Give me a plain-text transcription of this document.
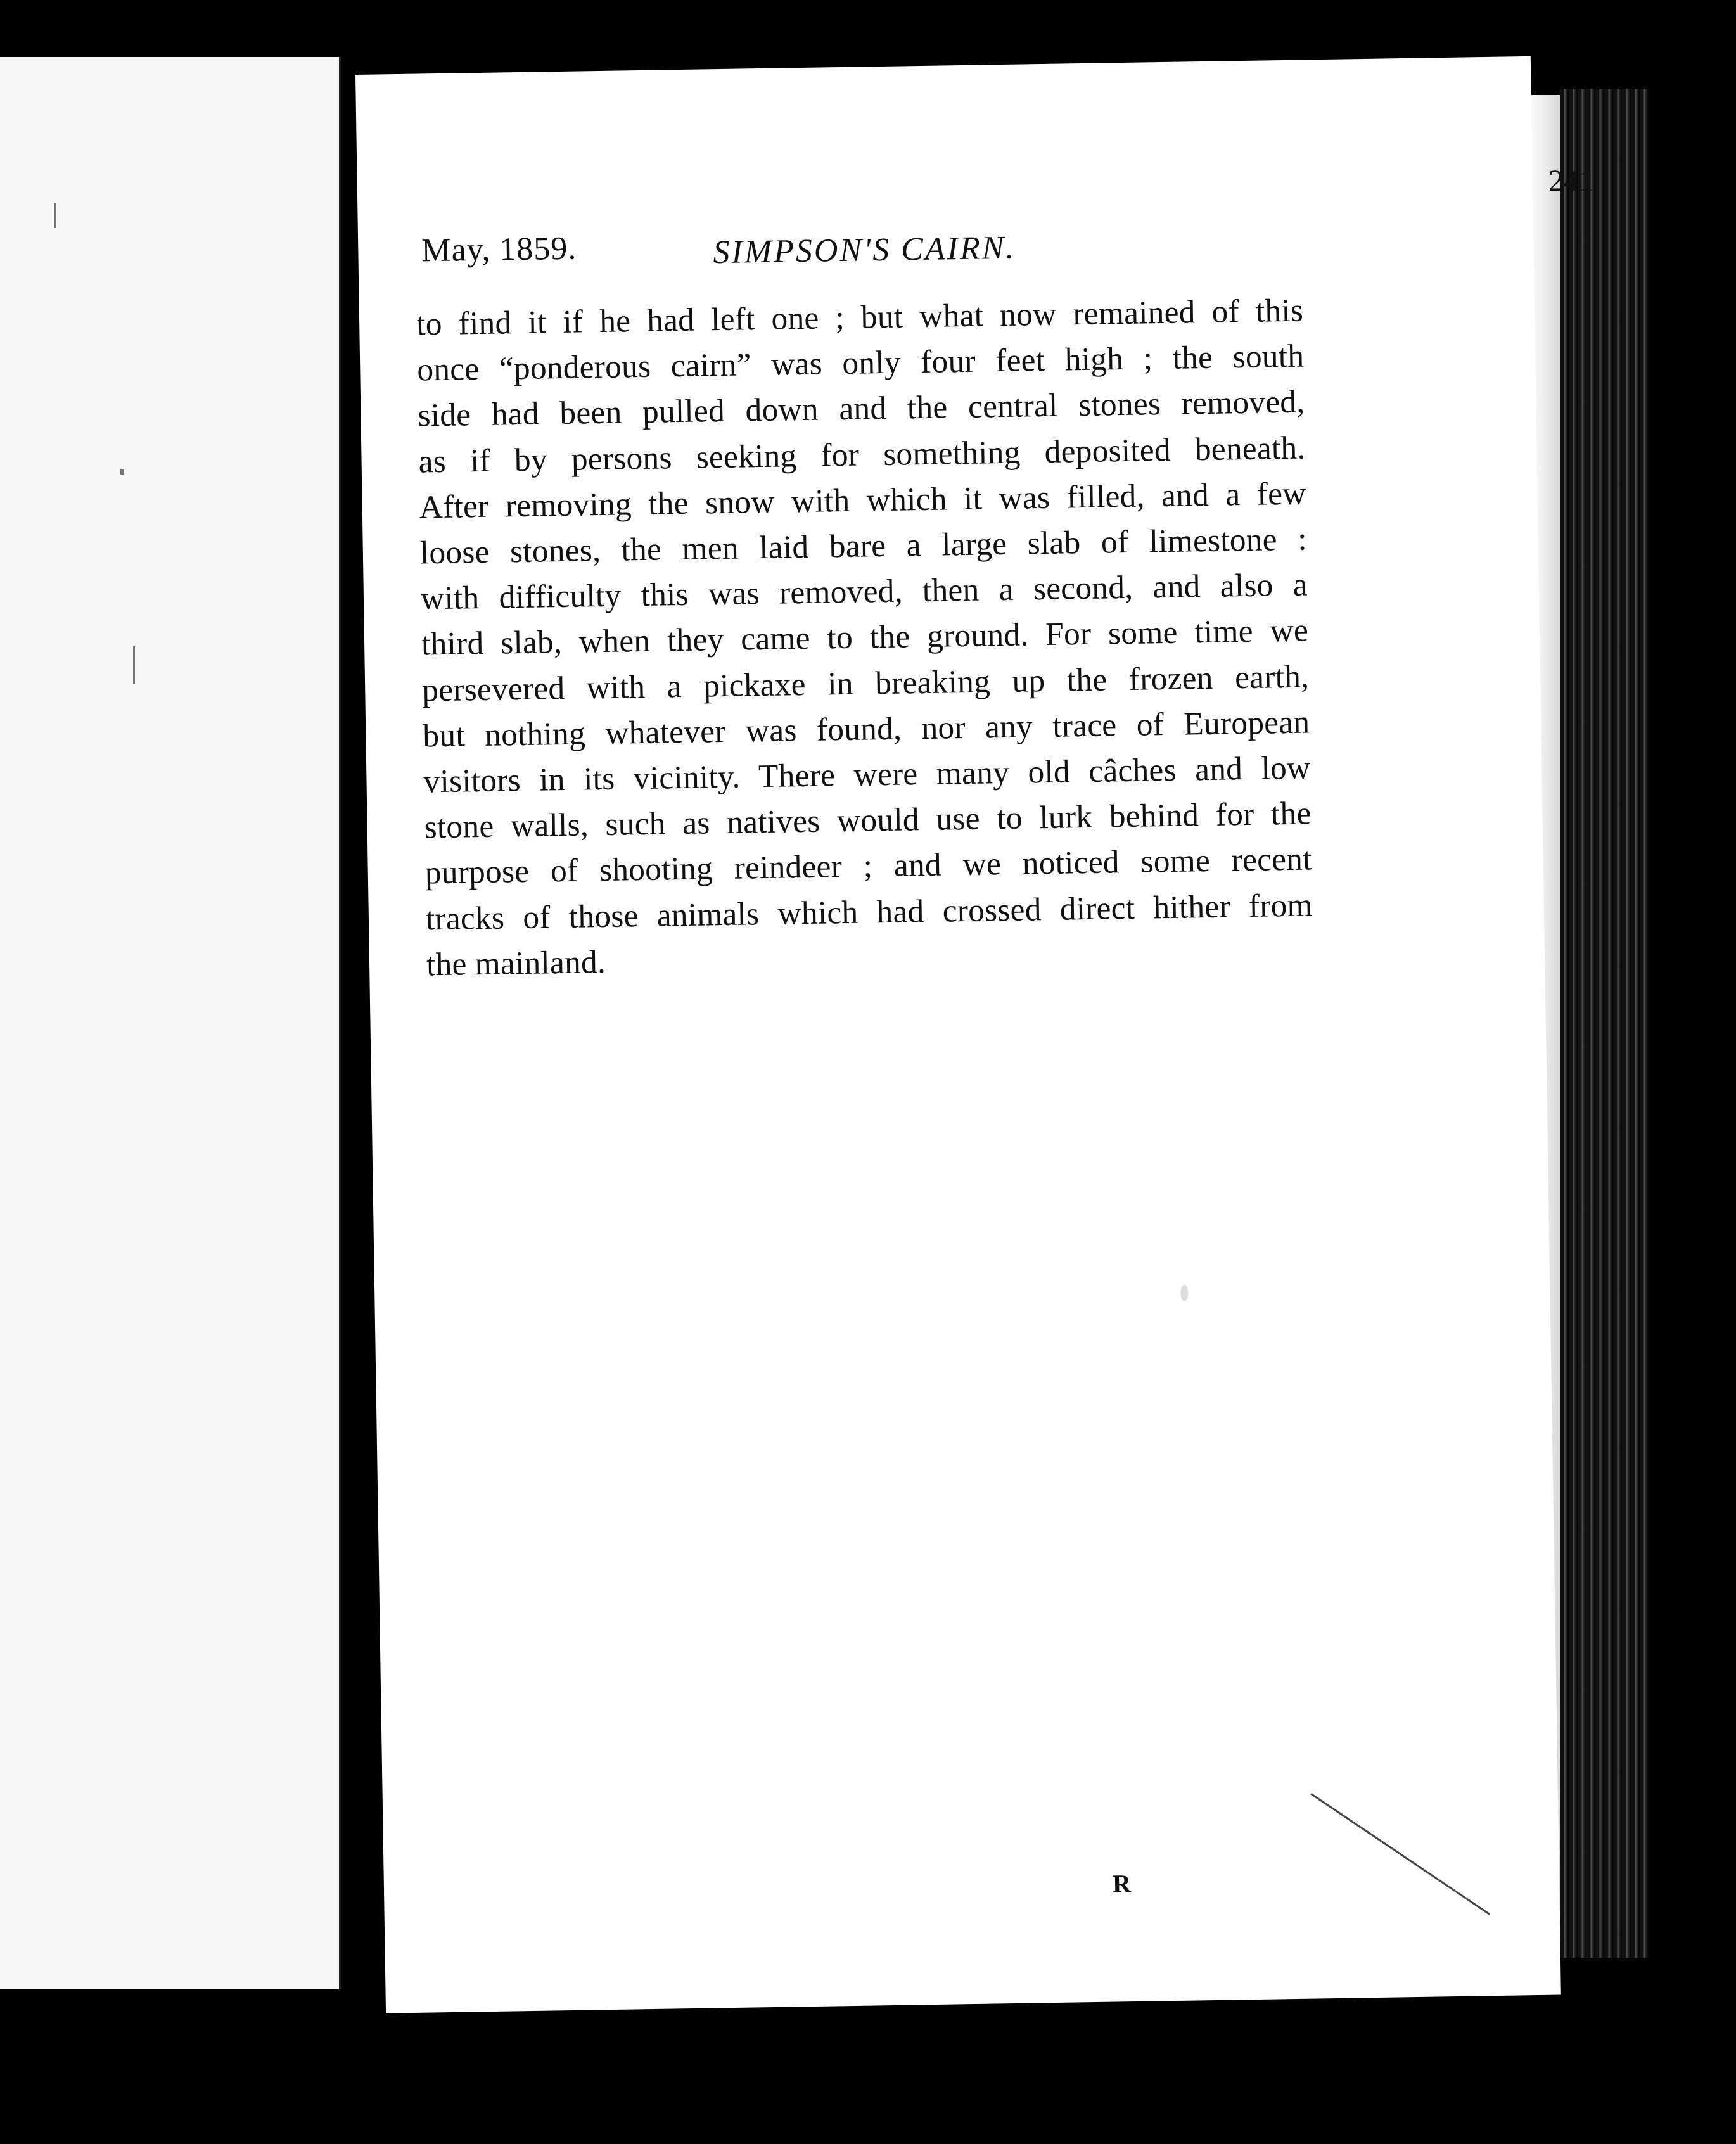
May, 1859.	SIMPSON'S CAIRN.
241
to find it if he had left one ; but what now remained of this
once “ponderous cairn” was only four feet high ; the south
side had been pulled down and the central stones removed,
as if by persons seeking for something deposited beneath.
After removing the snow with which it was filled, and a few
loose stones, the men laid bare a large slab of limestone :
with difficulty this was removed, then a second, and also a
third slab, when they came to the ground. For some time we
persevered with a pickaxe in breaking up the frozen earth,
but nothing whatever was found, nor any trace of European
visitors in its vicinity. There were many old câches and low
stone walls, such as natives would use to lurk behind for the
purpose of shooting reindeer ; and we noticed some recent
tracks of those animals which had crossed direct hither from
the mainland.
R
